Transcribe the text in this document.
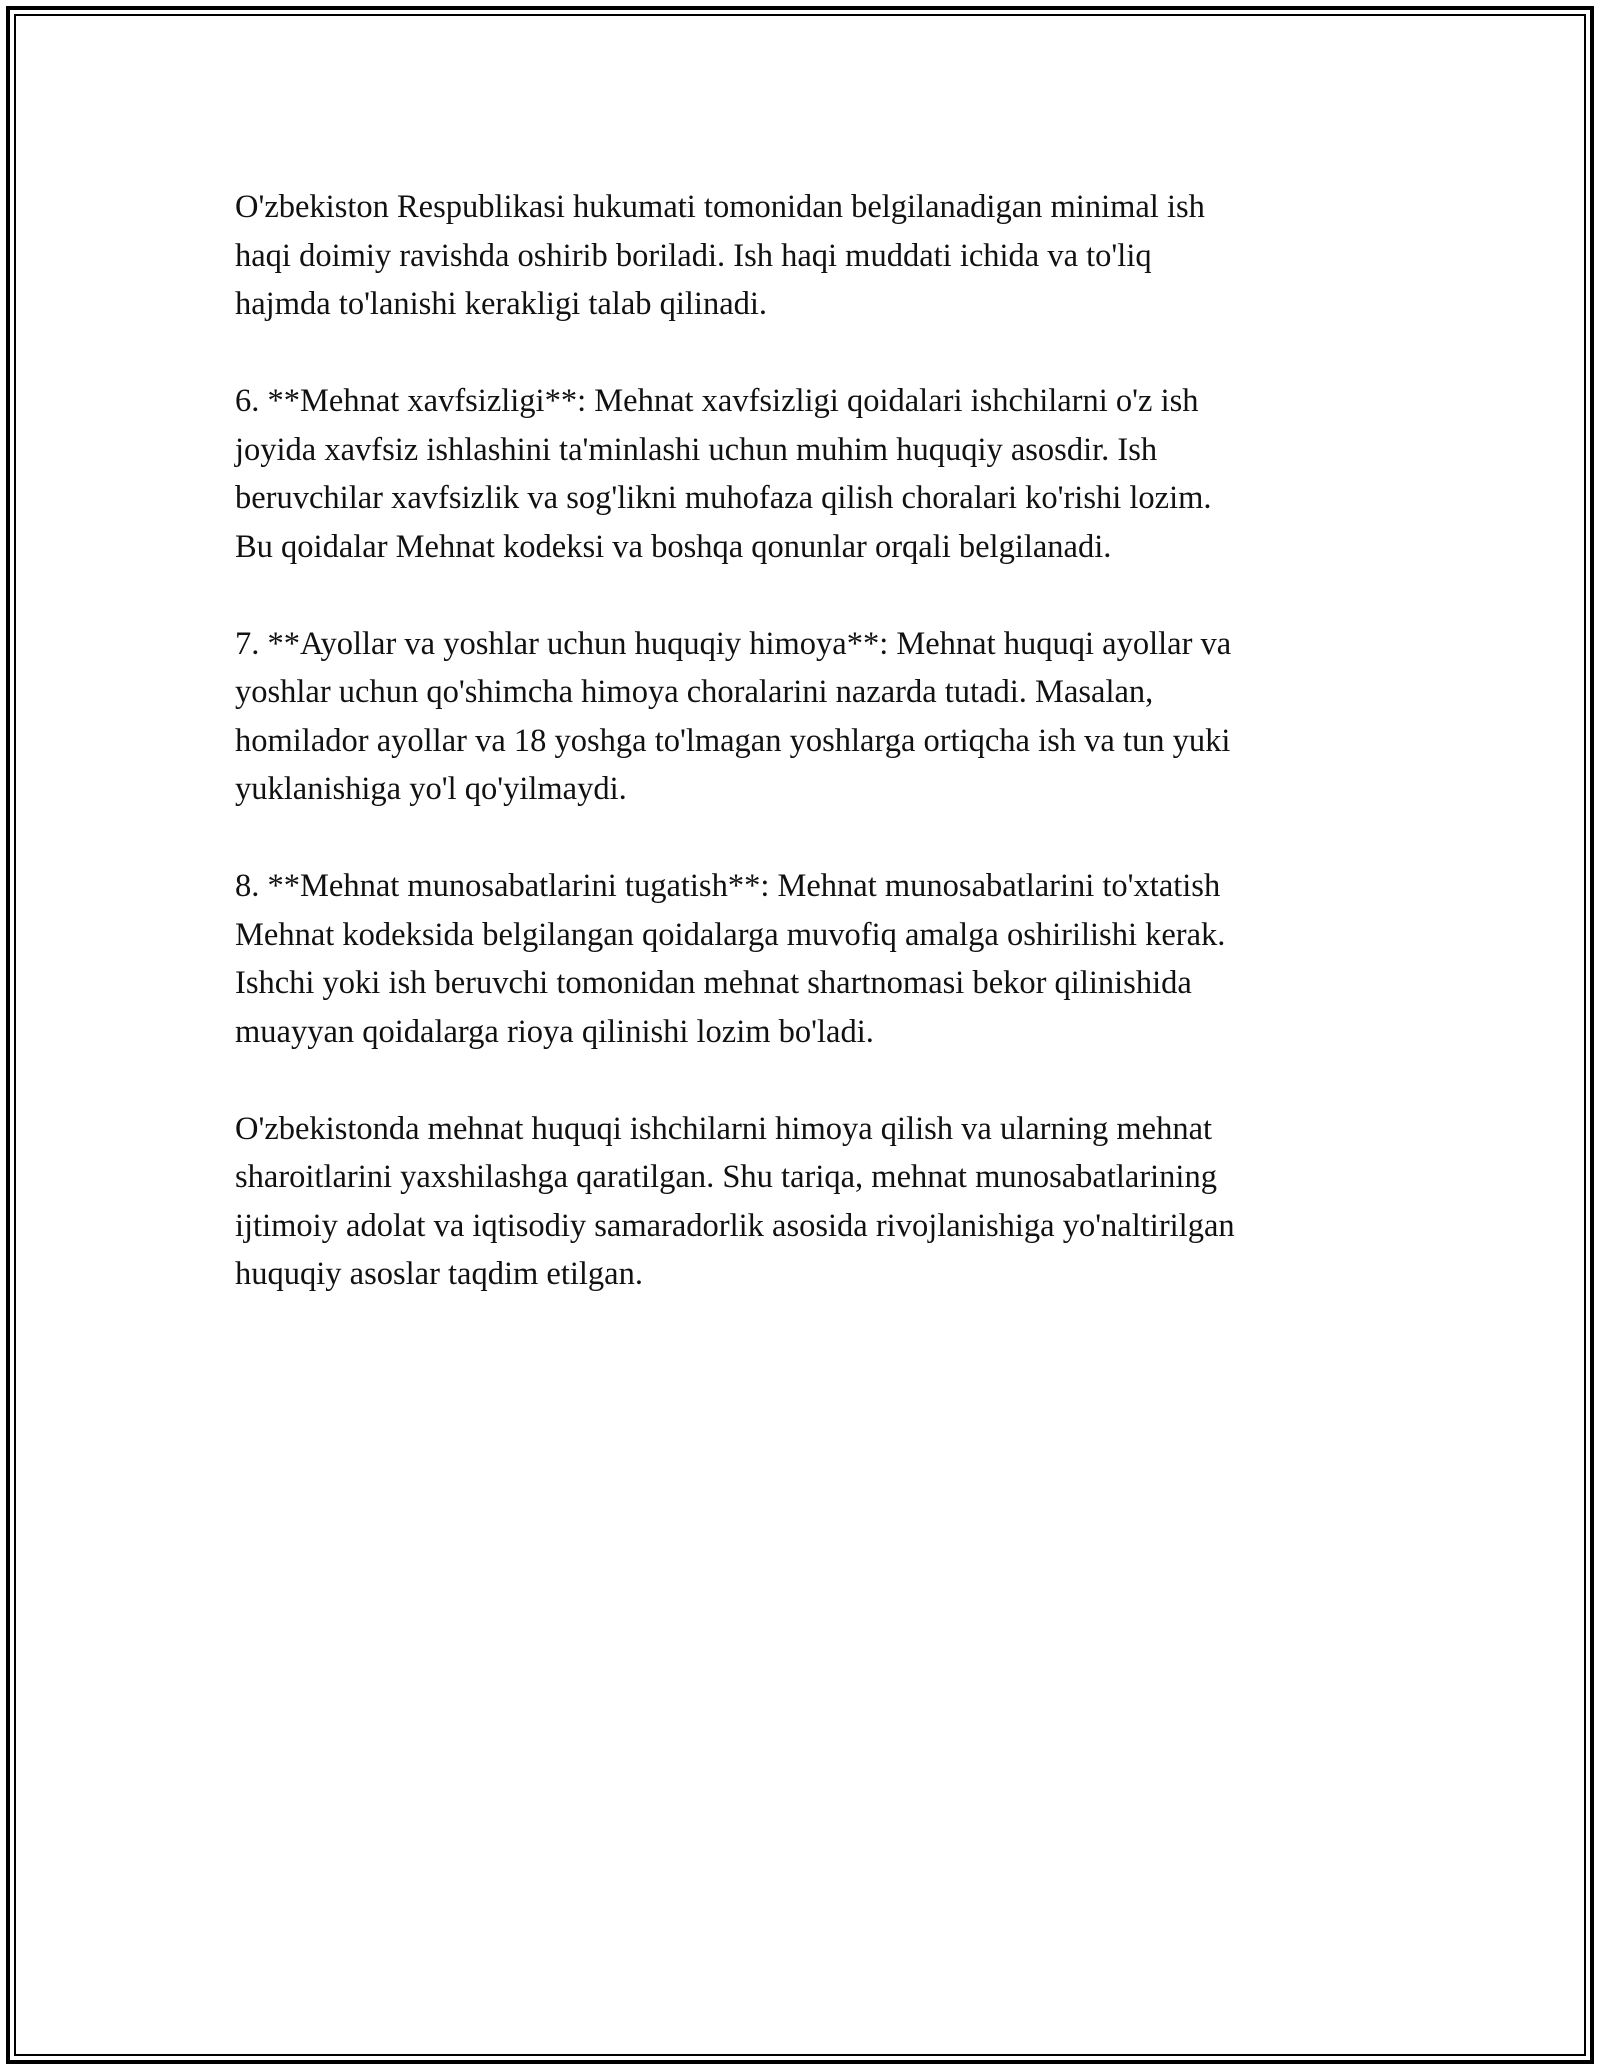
O'zbekiston Respublikasi hukumati tomonidan belgilanadigan minimal ish
haqi doimiy ravishda oshirib boriladi. Ish haqi muddati ichida va to'liq
hajmda to'lanishi kerakligi talab qilinadi.

6. **Mehnat xavfsizligi**: Mehnat xavfsizligi qoidalari ishchilarni o'z ish
joyida xavfsiz ishlashini ta'minlashi uchun muhim huquqiy asosdir. Ish
beruvchilar xavfsizlik va sog'likni muhofaza qilish choralari ko'rishi lozim.
Bu qoidalar Mehnat kodeksi va boshqa qonunlar orqali belgilanadi.

7. **Ayollar va yoshlar uchun huquqiy himoya**: Mehnat huquqi ayollar va
yoshlar uchun qo'shimcha himoya choralarini nazarda tutadi. Masalan,
homilador ayollar va 18 yoshga to'lmagan yoshlarga ortiqcha ish va tun yuki
yuklanishiga yo'l qo'yilmaydi.

8. **Mehnat munosabatlarini tugatish**: Mehnat munosabatlarini to'xtatish
Mehnat kodeksida belgilangan qoidalarga muvofiq amalga oshirilishi kerak.
Ishchi yoki ish beruvchi tomonidan mehnat shartnomasi bekor qilinishida
muayyan qoidalarga rioya qilinishi lozim bo'ladi.

O'zbekistonda mehnat huquqi ishchilarni himoya qilish va ularning mehnat
sharoitlarini yaxshilashga qaratilgan. Shu tariqa, mehnat munosabatlarining
ijtimoiy adolat va iqtisodiy samaradorlik asosida rivojlanishiga yo'naltirilgan
huquqiy asoslar taqdim etilgan.
